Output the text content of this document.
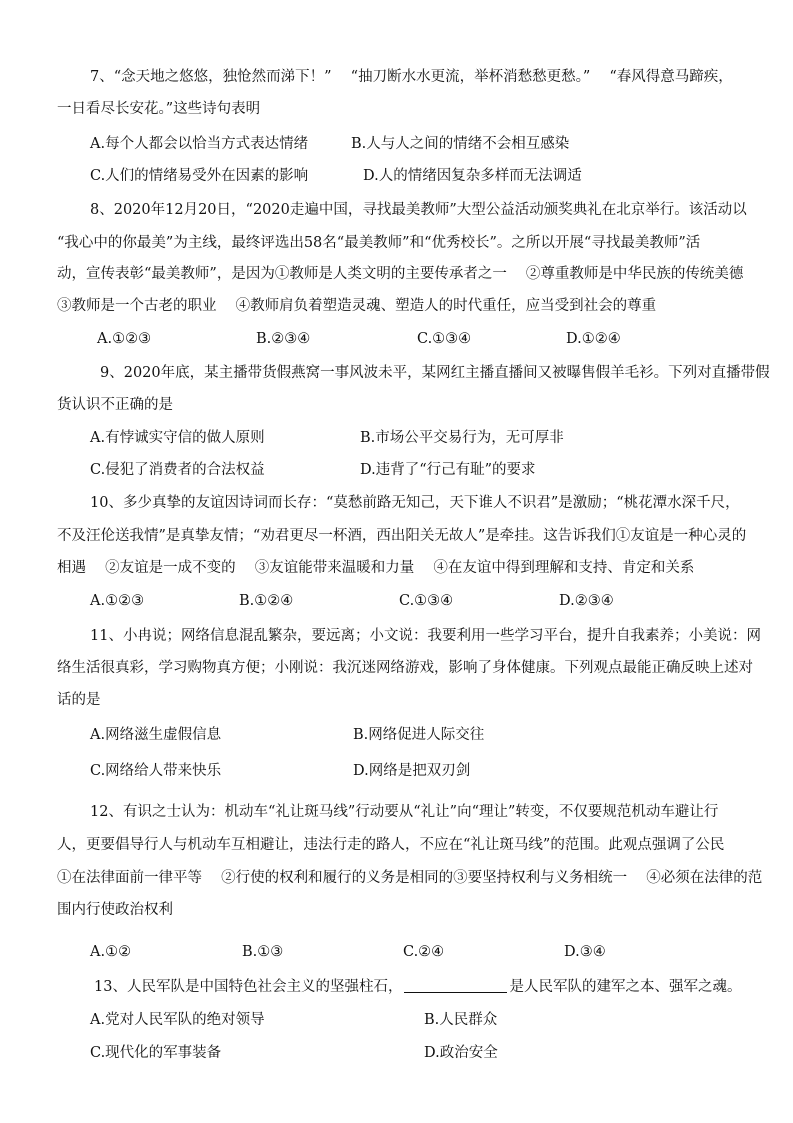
7、“念天地之悠悠，独怆然而涕下！”　 “抽刀断水水更流，举杯消愁愁更愁。”　 “春风得意马蹄疾，
一日看尽长安花。”这些诗句表明
A.每个人都会以恰当方式表达情绪	B.人与人之间的情绪不会相互感染
C.人们的情绪易受外在因素的影响	D.人的情绪因复杂多样而无法调适
8、2020年12月20日，“2020走遍中国，寻找最美教师”大型公益活动颁奖典礼在北京举行。该活动以
“我心中的你最美”为主线，最终评选出58名“最美教师”和“优秀校长”。之所以开展“寻找最美教师”活
动，宣传表彰“最美教师”，是因为①教师是人类文明的主要传承者之一　 ②尊重教师是中华民族的传统美德
③教师是一个古老的职业　 ④教师肩负着塑造灵魂、塑造人的时代重任，应当受到社会的尊重
A.①②③	B.②③④	C.①③④	D.①②④
9、2020年底，某主播带货假燕窝一事风波未平，某网红主播直播间又被曝售假羊毛衫。下列对直播带假
货认识不正确的是
A.有悖诚实守信的做人原则	B.市场公平交易行为，无可厚非
C.侵犯了消费者的合法权益	D.违背了“行己有耻”的要求
10、多少真挚的友谊因诗词而长存：“莫愁前路无知己，天下谁人不识君”是激励；“桃花潭水深千尺，
不及汪伦送我情”是真挚友情；“劝君更尽一杯酒，西出阳关无故人”是牵挂。这告诉我们①友谊是一种心灵的
相遇　 ②友谊是一成不变的　 ③友谊能带来温暖和力量　 ④在友谊中得到理解和支持、肯定和关系
A.①②③	B.①②④	C.①③④	D.②③④
11、小冉说；网络信息混乱繁杂，要远离；小文说：我要利用一些学习平台，提升自我素养；小美说：网
络生活很真彩，学习购物真方便；小刚说：我沉迷网络游戏，影响了身体健康。下列观点最能正确反映上述对
话的是
A.网络滋生虚假信息	B.网络促进人际交往
C.网络给人带来快乐	D.网络是把双刃剑
12、有识之士认为：机动车“礼让斑马线”行动要从“礼让”向“理让”转变，不仅要规范机动车避让行
人，更要倡导行人与机动车互相避让，违法行走的路人，不应在“礼让斑马线”的范围。此观点强调了公民
①在法律面前一律平等　 ②行使的权利和履行的义务是相同的③要坚持权利与义务相统一　 ④必须在法律的范
围内行使政治权利
A.①②	B.①③	C.②④	D.③④
13、人民军队是中国特色社会主义的坚强柱石，	是人民军队的建军之本、强军之魂。
A.党对人民军队的绝对领导	B.人民群众
C.现代化的军事装备	D.政治安全
